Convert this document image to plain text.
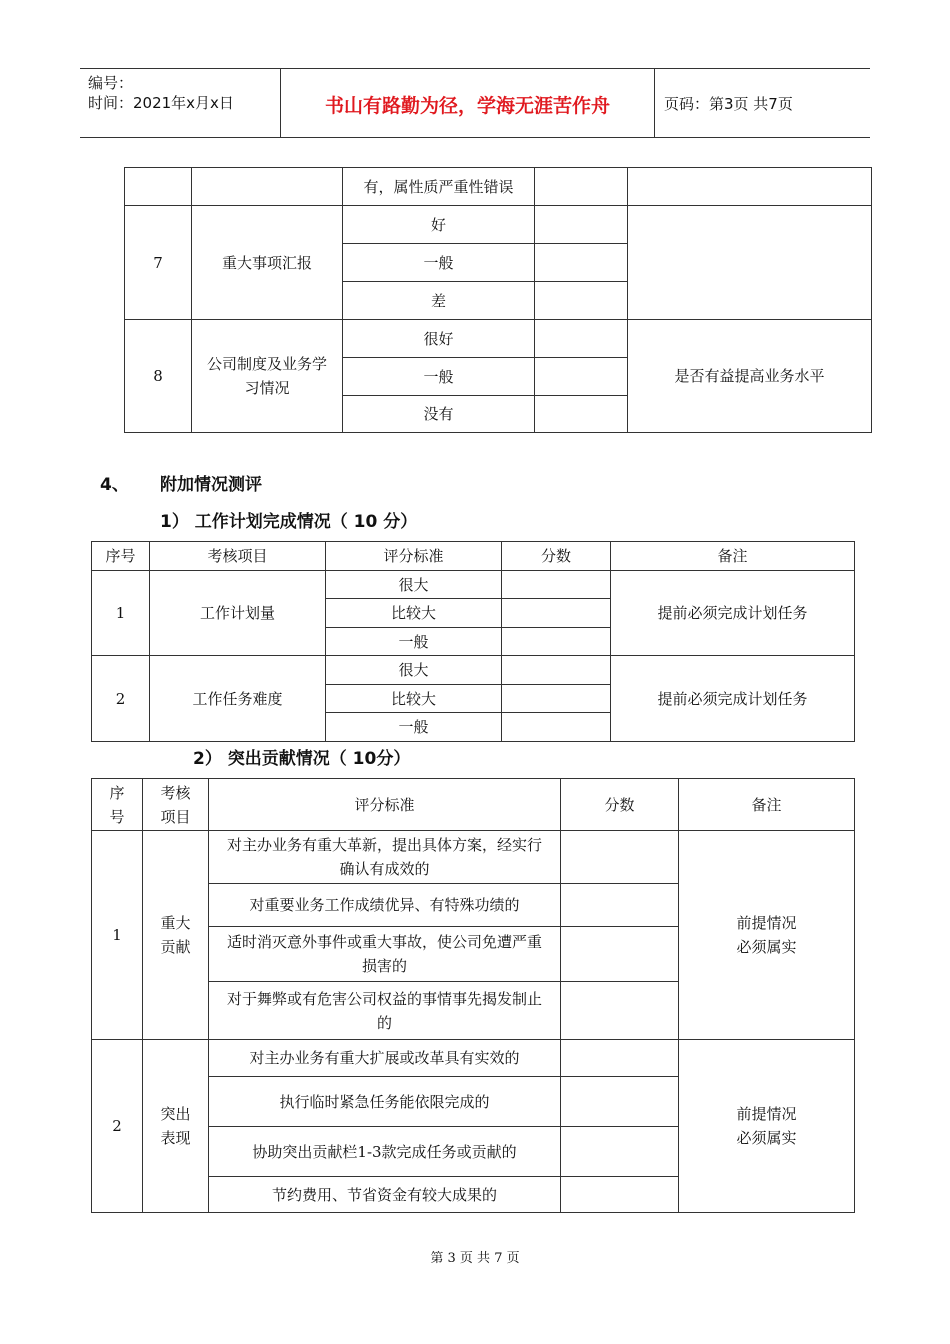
编号：
时间：2021年x月x日	书山有路勤为径，学海无涯苦作舟	页码：第3页 共7页
		有，属性质严重性错误		
7	重大事项汇报	好		
		一般		
		差		
8	公司制度及业务学习情况	很好		是否有益提高业务水平
		一般		
		没有		
4、 附加情况测评
1） 工作计划完成情况（ 10 分）
序号	考核项目	评分标准	分数	备注
1	工作计划量	很大		提前必须完成计划任务
		比较大		
		一般		
2	工作任务难度	很大		提前必须完成计划任务
		比较大		
		一般		
2） 突出贡献情况（ 10分）
序号	考核项目	评分标准	分数	备注
1	重大贡献	对主办业务有重大革新，提出具体方案，经实行确认有成效的		前提情况必须属实
		对重要业务工作成绩优异、有特殊功绩的		
		适时消灭意外事件或重大事故，使公司免遭严重损害的		
		对于舞弊或有危害公司权益的事情事先揭发制止的		
2	突出表现	对主办业务有重大扩展或改革具有实效的		前提情况必须属实
		执行临时紧急任务能依限完成的		
		协助突出贡献栏1-3款完成任务或贡献的		
		节约费用、节省资金有较大成果的		
第 3 页 共 7 页
